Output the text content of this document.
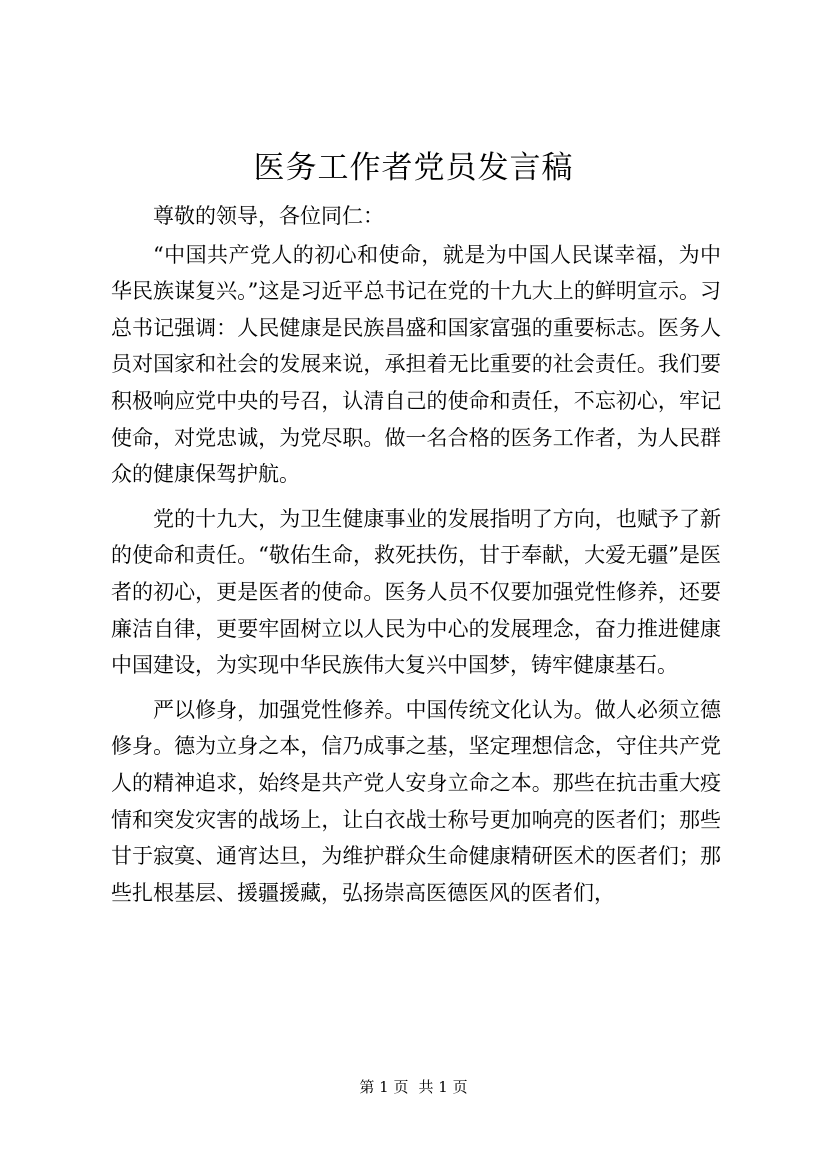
医务工作者党员发言稿

尊敬的领导，各位同仁：

“中国共产党人的初心和使命，就是为中国人民谋幸福，为中华民族谋复兴。”这是习近平总书记在党的十九大上的鲜明宣示。习总书记强调：人民健康是民族昌盛和国家富强的重要标志。医务人员对国家和社会的发展来说，承担着无比重要的社会责任。我们要积极响应党中央的号召，认清自己的使命和责任，不忘初心，牢记使命，对党忠诚，为党尽职。做一名合格的医务工作者，为人民群众的健康保驾护航。

党的十九大，为卫生健康事业的发展指明了方向，也赋予了新的使命和责任。“敬佑生命，救死扶伤，甘于奉献，大爱无疆”是医者的初心，更是医者的使命。医务人员不仅要加强党性修养，还要廉洁自律，更要牢固树立以人民为中心的发展理念，奋力推进健康中国建设，为实现中华民族伟大复兴中国梦，铸牢健康基石。

严以修身，加强党性修养。中国传统文化认为。做人必须立德修身。德为立身之本，信乃成事之基，坚定理想信念，守住共产党人的精神追求，始终是共产党人安身立命之本。那些在抗击重大疫情和突发灾害的战场上，让白衣战士称号更加响亮的医者们；那些甘于寂寞、通宵达旦，为维护群众生命健康精研医术的医者们；那些扎根基层、援疆援藏，弘扬崇高医德医风的医者们，

第 1 页 共 1 页
